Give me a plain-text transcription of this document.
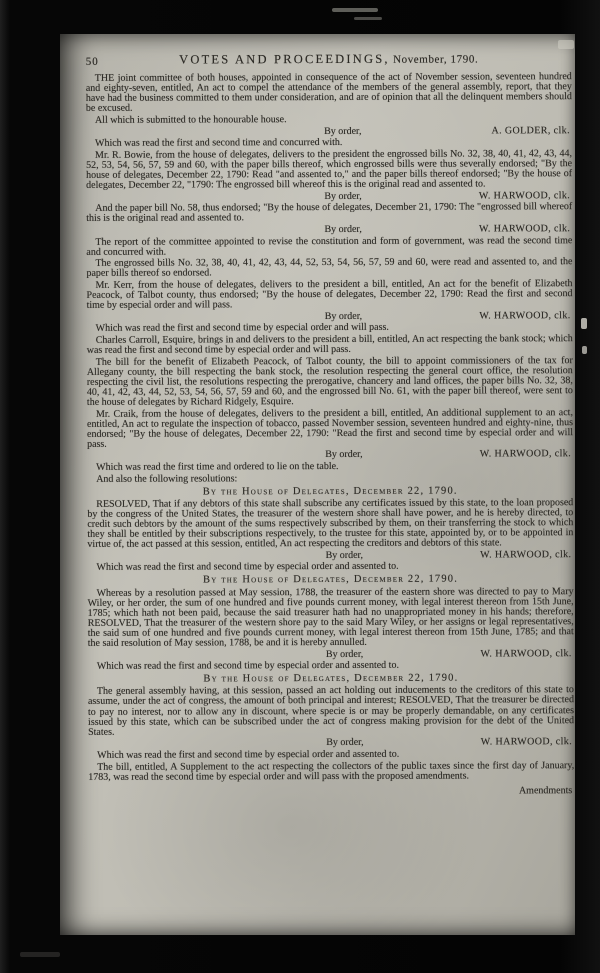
50	VOTES AND PROCEEDINGS, November, 1790.

THE joint committee of both houses, appointed in consequence of the act of November session, seventeen hundred and eighty-seven, entitled, An act to compel the attendance of the members of the general assembly, report, that they have had the business committed to them under consideration, and are of opinion that all the delinquent members should be excused.

All which is submitted to the honourable house.

By order,	A. GOLDER, clk.

Which was read the first and second time and concurred with.

Mr. R. Bowie, from the house of delegates, delivers to the president the engrossed bills No. 32, 38, 40, 41, 42, 43, 44, 52, 53, 54, 56, 57, 59 and 60, with the paper bills thereof, which engrossed bills were thus severally endorsed; "By the house of delegates, December 22, 1790: Read "and assented to," and the paper bills thereof endorsed; "By the house of delegates, December 22, "1790: The engrossed bill whereof this is the original read and assented to.

By order,	W. HARWOOD, clk.

And the paper bill No. 58, thus endorsed; "By the house of delegates, December 21, 1790: The "engrossed bill whereof this is the original read and assented to.

By order,	W. HARWOOD, clk.

The report of the committee appointed to revise the constitution and form of government, was read the second time and concurred with.

The engrossed bills No. 32, 38, 40, 41, 42, 43, 44, 52, 53, 54, 56, 57, 59 and 60, were read and assented to, and the paper bills thereof so endorsed.

Mr. Kerr, from the house of delegates, delivers to the president a bill, entitled, An act for the benefit of Elizabeth Peacock, of Talbot county, thus endorsed; "By the house of delegates, December 22, 1790: Read the first and second time by especial order and will pass.

By order,	W. HARWOOD, clk.

Which was read the first and second time by especial order and will pass.

Charles Carroll, Esquire, brings in and delivers to the president a bill, entitled, An act respecting the bank stock; which was read the first and second time by especial order and will pass.

The bill for the benefit of Elizabeth Peacock, of Talbot county, the bill to appoint commissioners of the tax for Allegany county, the bill respecting the bank stock, the resolution respecting the general court office, the resolution respecting the civil list, the resolutions respecting the prerogative, chancery and land offices, the paper bills No. 32, 38, 40, 41, 42, 43, 44, 52, 53, 54, 56, 57, 59 and 60, and the engrossed bill No. 61, with the paper bill thereof, were sent to the house of delegates by Richard Ridgely, Esquire.

Mr. Craik, from the house of delegates, delivers to the president a bill, entitled, An additional supplement to an act, entitled, An act to regulate the inspection of tobacco, passed November session, seventeen hundred and eighty-nine, thus endorsed; "By the house of delegates, December 22, 1790: "Read the first and second time by especial order and will pass.

By order,	W. HARWOOD, clk.

Which was read the first time and ordered to lie on the table.

And also the following resolutions:

By the House of Delegates, December 22, 1790.

RESOLVED, That if any debtors of this state shall subscribe any certificates issued by this state, to the loan proposed by the congress of the United States, the treasurer of the western shore shall have power, and he is hereby directed, to credit such debtors by the amount of the sums respectively subscribed by them, on their transferring the stock to which they shall be entitled by their subscriptions respectively, to the trustee for this state, appointed by, or to be appointed in virtue of, the act passed at this session, entitled, An act respecting the creditors and debtors of this state.

By order,	W. HARWOOD, clk.

Which was read the first and second time by especial order and assented to.

By the House of Delegates, December 22, 1790.

Whereas by a resolution passed at May session, 1788, the treasurer of the eastern shore was directed to pay to Mary Wiley, or her order, the sum of one hundred and five pounds current money, with legal interest thereon from 15th June, 1785; which hath not been paid, because the said treasurer hath had no unappropriated money in his hands; therefore, RESOLVED, That the treasurer of the western shore pay to the said Mary Wiley, or her assigns or legal representatives, the said sum of one hundred and five pounds current money, with legal interest thereon from 15th June, 1785; and that the said resolution of May session, 1788, be and it is hereby annulled.

By order,	W. HARWOOD, clk.

Which was read the first and second time by especial order and assented to.

By the House of Delegates, December 22, 1790.

The general assembly having, at this session, passed an act holding out inducements to the creditors of this state to assume, under the act of congress, the amount of both principal and interest; RESOLVED, That the treasurer be directed to pay no interest, nor to allow any in discount, where specie is or may be properly demandable, on any certificates issued by this state, which can be subscribed under the act of congress making provision for the debt of the United States.

By order,	W. HARWOOD, clk.

Which was read the first and second time by especial order and assented to.

The bill, entitled, A Supplement to the act respecting the collectors of the public taxes since the first day of January, 1783, was read the second time by especial order and will pass with the proposed amendments.

Amendments
